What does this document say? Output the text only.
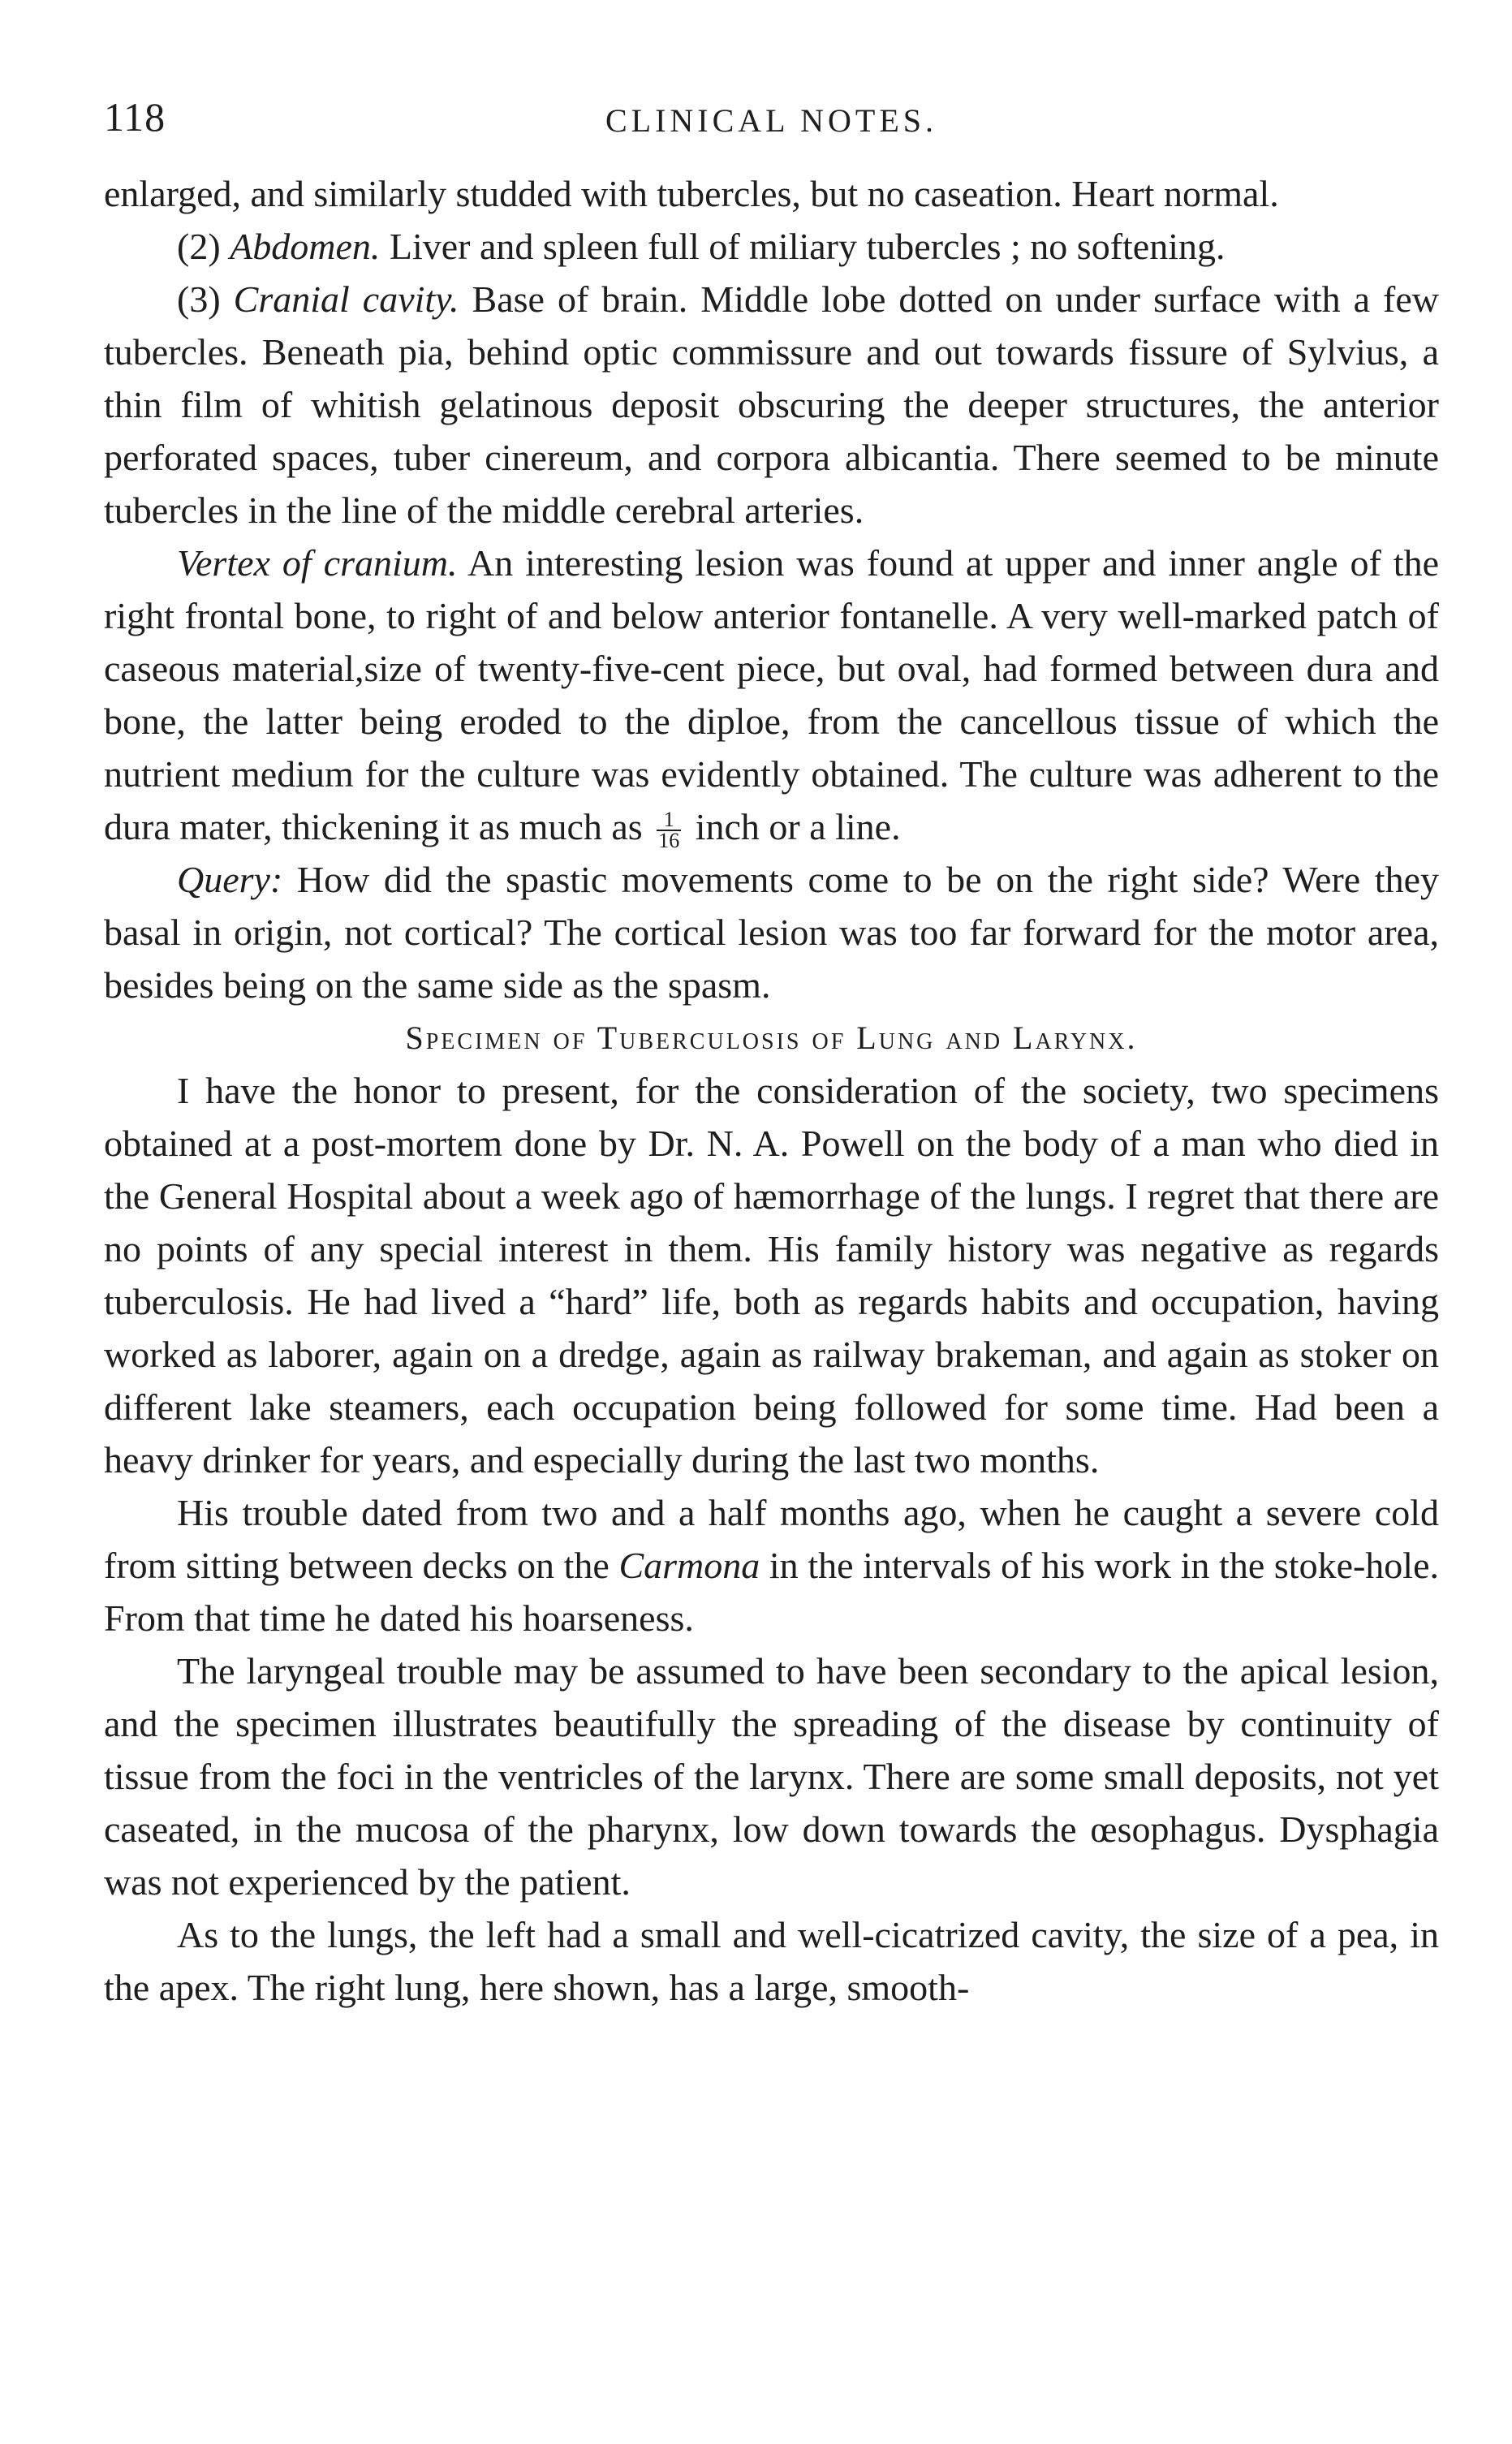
118	CLINICAL NOTES.

enlarged, and similarly studded with tubercles, but no caseation. Heart normal.

(2) Abdomen. Liver and spleen full of miliary tubercles ; no softening.

(3) Cranial cavity. Base of brain. Middle lobe dotted on under surface with a few tubercles. Beneath pia, behind optic commissure and out towards fissure of Sylvius, a thin film of whitish gelatinous deposit obscuring the deeper structures, the anterior perforated spaces, tuber cinereum, and corpora albicantia. There seemed to be minute tubercles in the line of the middle cerebral arteries.

Vertex of cranium. An interesting lesion was found at upper and inner angle of the right frontal bone, to right of and below anterior fontanelle. A very well-marked patch of caseous material,size of twenty-five-cent piece, but oval, had formed between dura and bone, the latter being eroded to the diploe, from the cancellous tissue of which the nutrient medium for the culture was evidently obtained. The culture was adherent to the dura mater, thickening it as much as $\frac{1}{16}$ inch or a line.

Query: How did the spastic movements come to be on the right side? Were they basal in origin, not cortical? The cortical lesion was too far forward for the motor area, besides being on the same side as the spasm.

Specimen of Tuberculosis of Lung and Larynx.

I have the honor to present, for the consideration of the society, two specimens obtained at a post-mortem done by Dr. N. A. Powell on the body of a man who died in the General Hospital about a week ago of hæmorrhage of the lungs. I regret that there are no points of any special interest in them. His family history was negative as regards tuberculosis. He had lived a “hard” life, both as regards habits and occupation, having worked as laborer, again on a dredge, again as railway brakeman, and again as stoker on different lake steamers, each occupation being followed for some time. Had been a heavy drinker for years, and especially during the last two months.

His trouble dated from two and a half months ago, when he caught a severe cold from sitting between decks on the Carmona in the intervals of his work in the stoke-hole. From that time he dated his hoarseness.

The laryngeal trouble may be assumed to have been secondary to the apical lesion, and the specimen illustrates beautifully the spreading of the disease by continuity of tissue from the foci in the ventricles of the larynx. There are some small deposits, not yet caseated, in the mucosa of the pharynx, low down towards the œsophagus. Dysphagia was not experienced by the patient.

As to the lungs, the left had a small and well-cicatrized cavity, the size of a pea, in the apex. The right lung, here shown, has a large, smooth-
